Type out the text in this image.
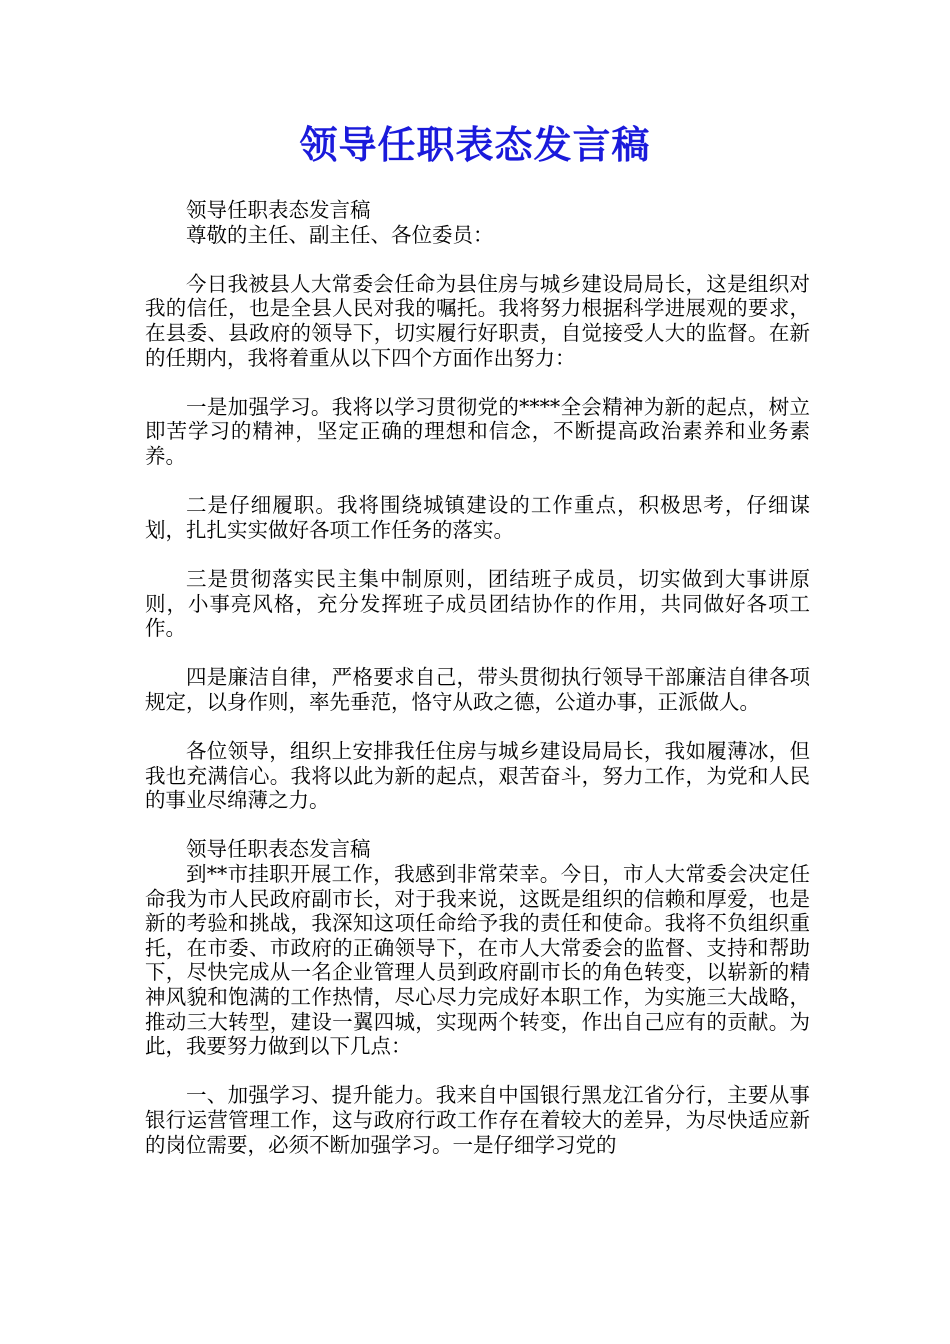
领导任职表态发言稿

领导任职表态发言稿

尊敬的主任、副主任、各位委员：

今日我被县人大常委会任命为县住房与城乡建设局局长，这是组织对我的信任，也是全县人民对我的嘱托。我将努力根据科学进展观的要求，在县委、县政府的领导下，切实履行好职责，自觉接受人大的监督。在新的任期内，我将着重从以下四个方面作出努力：

一是加强学习。我将以学习贯彻党的****全会精神为新的起点，树立即苦学习的精神，坚定正确的理想和信念，不断提高政治素养和业务素养。

二是仔细履职。我将围绕城镇建设的工作重点，积极思考，仔细谋划，扎扎实实做好各项工作任务的落实。

三是贯彻落实民主集中制原则，团结班子成员，切实做到大事讲原则，小事亮风格，充分发挥班子成员团结协作的作用，共同做好各项工作。

四是廉洁自律，严格要求自己，带头贯彻执行领导干部廉洁自律各项规定，以身作则，率先垂范，恪守从政之德，公道办事，正派做人。

各位领导，组织上安排我任住房与城乡建设局局长，我如履薄冰，但我也充满信心。我将以此为新的起点，艰苦奋斗，努力工作，为党和人民的事业尽绵薄之力。

领导任职表态发言稿

到**市挂职开展工作，我感到非常荣幸。今日，市人大常委会决定任命我为市人民政府副市长，对于我来说，这既是组织的信赖和厚爱，也是新的考验和挑战，我深知这项任命给予我的责任和使命。我将不负组织重托，在市委、市政府的正确领导下，在市人大常委会的监督、支持和帮助下，尽快完成从一名企业管理人员到政府副市长的角色转变，以崭新的精神风貌和饱满的工作热情，尽心尽力完成好本职工作，为实施三大战略，推动三大转型，建设一翼四城，实现两个转变，作出自己应有的贡献。为此，我要努力做到以下几点：

一、加强学习、提升能力。我来自中国银行黑龙江省分行，主要从事银行运营管理工作，这与政府行政工作存在着较大的差异，为尽快适应新的岗位需要，必须不断加强学习。一是仔细学习党的
